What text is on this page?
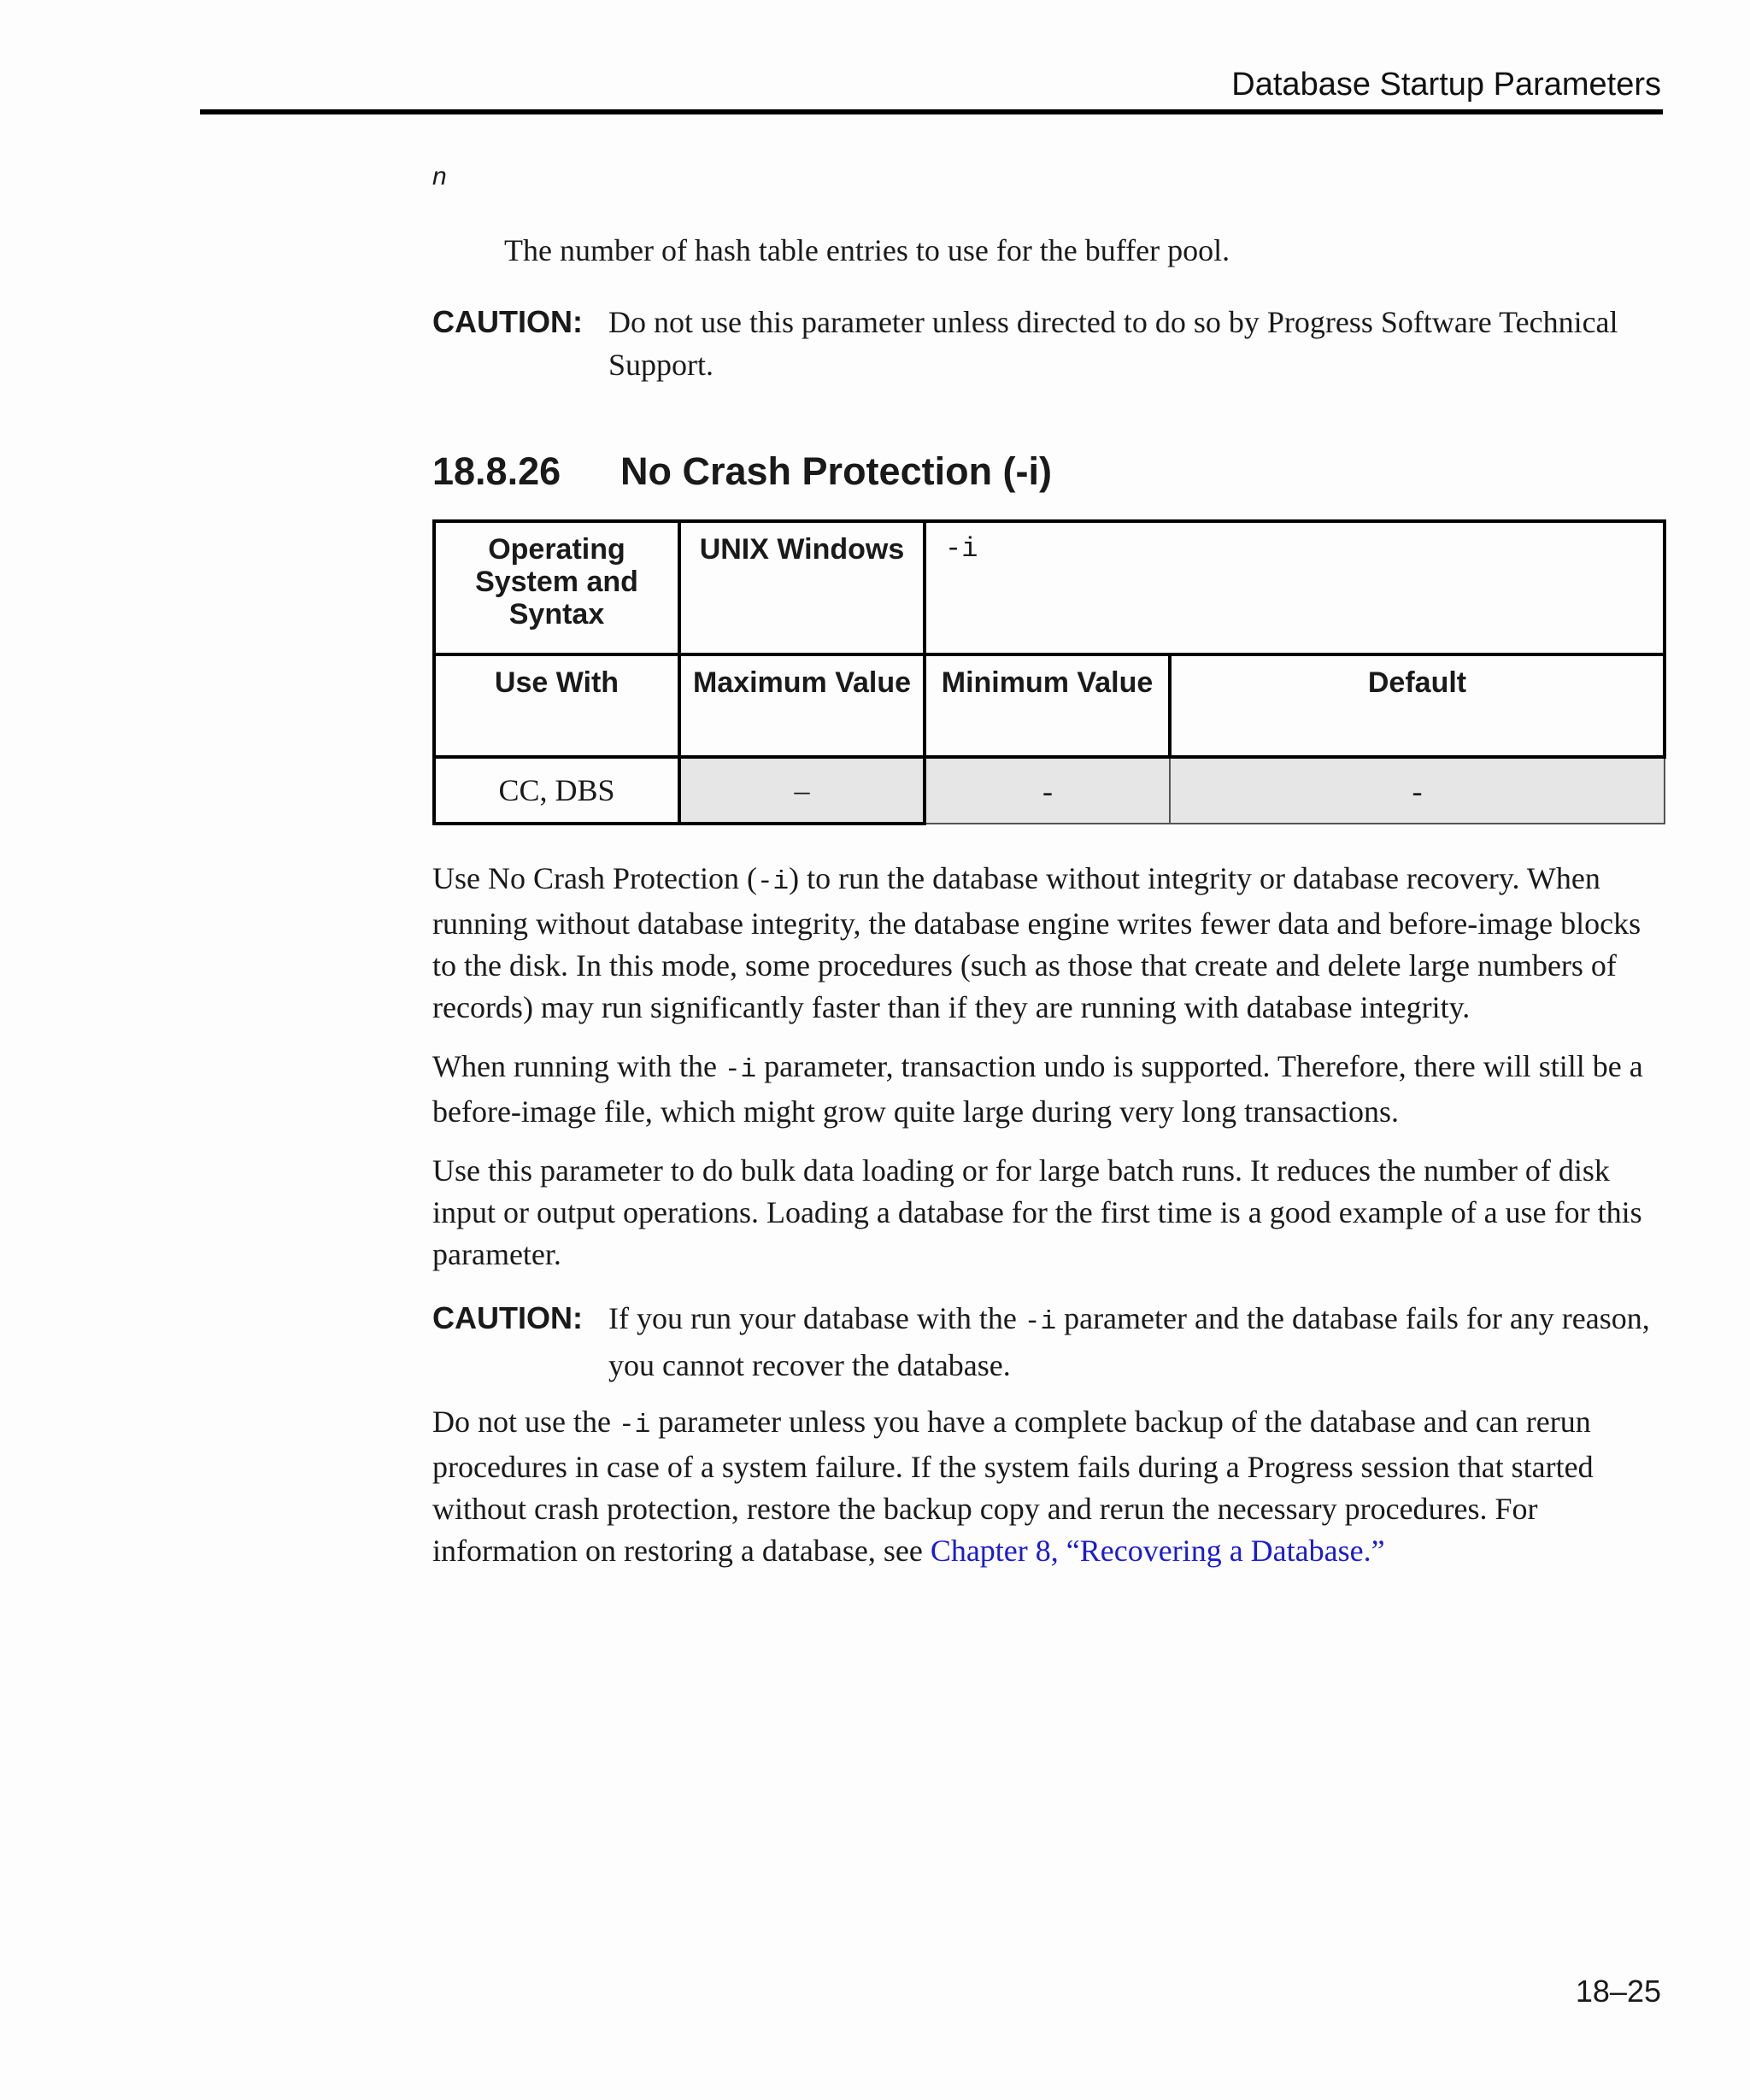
Database Startup Parameters
n
The number of hash table entries to use for the buffer pool.
CAUTION: Do not use this parameter unless directed to do so by Progress Software Technical Support.
18.8.26 No Crash Protection (-i)
Operating System and Syntax	UNIX Windows	-i	
Use With	Maximum Value	Minimum Value	Default
CC, DBS	–	-	-
Use No Crash Protection (-i) to run the database without integrity or database recovery. When running without database integrity, the database engine writes fewer data and before-image blocks to the disk. In this mode, some procedures (such as those that create and delete large numbers of records) may run significantly faster than if they are running with database integrity.
When running with the -i parameter, transaction undo is supported. Therefore, there will still be a before-image file, which might grow quite large during very long transactions.
Use this parameter to do bulk data loading or for large batch runs. It reduces the number of disk input or output operations. Loading a database for the first time is a good example of a use for this parameter.
CAUTION: If you run your database with the -i parameter and the database fails for any reason, you cannot recover the database.
Do not use the -i parameter unless you have a complete backup of the database and can rerun procedures in case of a system failure. If the system fails during a Progress session that started without crash protection, restore the backup copy and rerun the necessary procedures. For information on restoring a database, see Chapter 8, “Recovering a Database.”
18–25
